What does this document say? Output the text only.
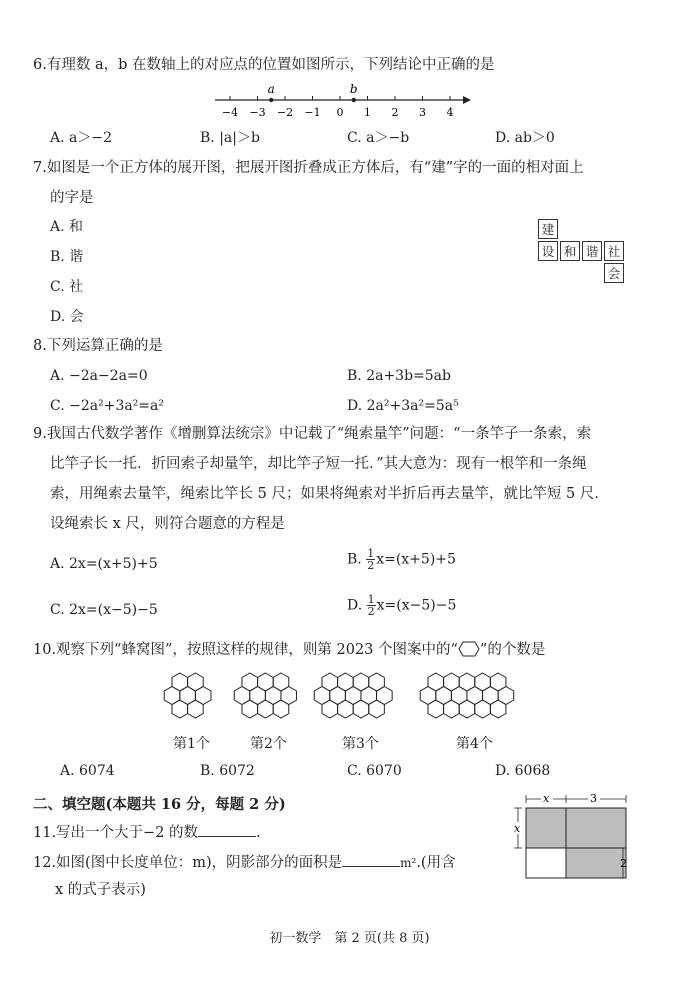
6.有理数 a，b 在数轴上的对应点的位置如图所示，下列结论中正确的是
−4 −3 −2 −1 0 1 2 3 4
a	b
A. a＞−2	B. |a|＞b	C. a＞−b	D. ab＞0
7.如图是一个正方体的展开图，把展开图折叠成正方体后，有“建”字的一面的相对面上
的字是
A. 和
B. 谐
C. 社
D. 会
建
设 和 谐 社
会
8.下列运算正确的是
A. −2a−2a=0	B. 2a+3b=5ab
C. −2a²+3a²=a²	D. 2a²+3a²=5a⁵
9.我国古代数学著作《增删算法统宗》中记载了“绳索量竿”问题：“一条竿子一条索，索
比竿子长一托．折回索子却量竿，却比竿子短一托．”其大意为：现有一根竿和一条绳
索，用绳索去量竿，绳索比竿长 5 尺；如果将绳索对半折后再去量竿，就比竿短 5 尺．
设绳索长 x 尺，则符合题意的方程是
A. 2x=(x+5)+5	B. $\frac{1}{2} x=(x+5)+5$
C. 2x=(x−5)−5	D. $\frac{1}{2} x=(x-5)-5$
10.观察下列“蜂窝图”，按照这样的规律，则第 2023 个图案中的“ ”的个数是
第1个	第2个	第3个	第4个
A. 6074	B. 6072	C. 6070	D. 6068
二、填空题(本题共 16 分，每题 2 分)
11.写出一个大于−2 的数	.
12.如图(图中长度单位：m)，阴影部分的面积是	m².(用含
x 的式子表示)
x	3
x
2
初一数学　第 2 页(共 8 页)
